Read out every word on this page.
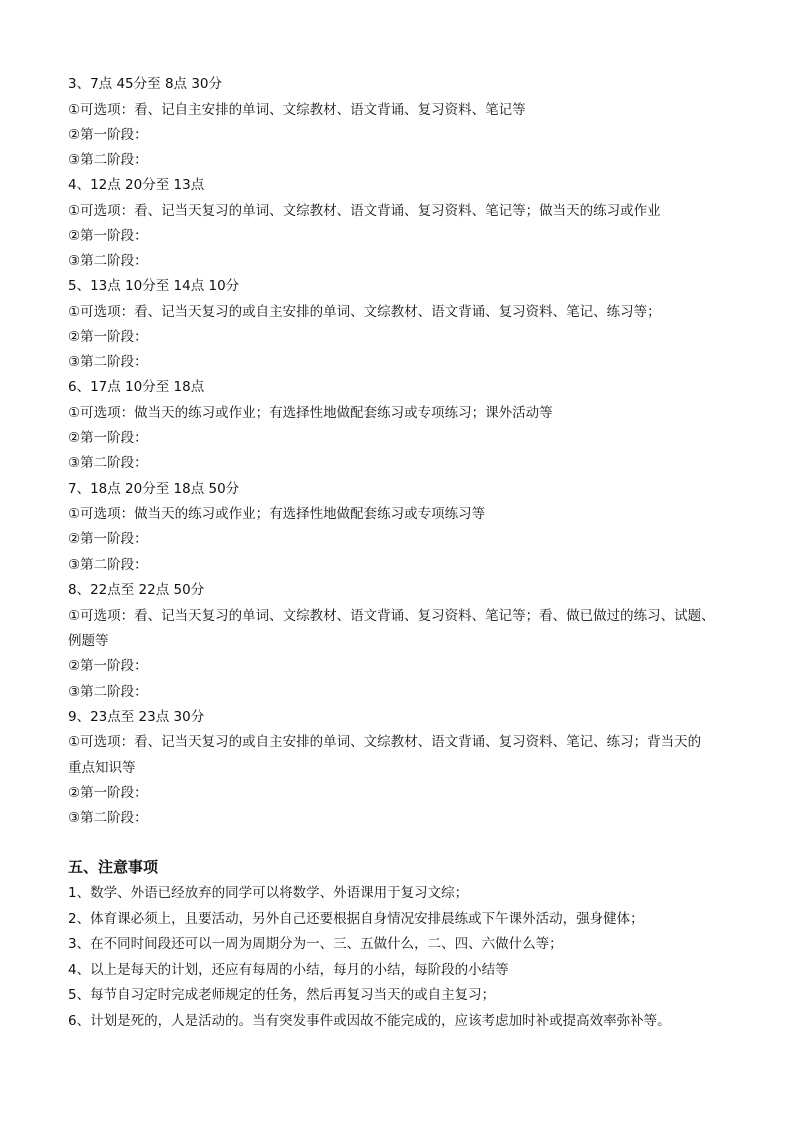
3、7点 45分至 8点 30分
①可选项：看、记自主安排的单词、文综教材、语文背诵、复习资料、笔记等
②第一阶段：
③第二阶段：
4、12点 20分至 13点
①可选项：看、记当天复习的单词、文综教材、语文背诵、复习资料、笔记等；做当天的练习或作业
②第一阶段：
③第二阶段：
5、13点 10分至 14点 10分
①可选项：看、记当天复习的或自主安排的单词、文综教材、语文背诵、复习资料、笔记、练习等；
②第一阶段：
③第二阶段：
6、17点 10分至 18点
①可选项：做当天的练习或作业；有选择性地做配套练习或专项练习；课外活动等
②第一阶段：
③第二阶段：
7、18点 20分至 18点 50分
①可选项：做当天的练习或作业；有选择性地做配套练习或专项练习等
②第一阶段：
③第二阶段：
8、22点至 22点 50分
①可选项：看、记当天复习的单词、文综教材、语文背诵、复习资料、笔记等；看、做已做过的练习、试题、
例题等
②第一阶段：
③第二阶段：
9、23点至 23点 30分
①可选项：看、记当天复习的或自主安排的单词、文综教材、语文背诵、复习资料、笔记、练习；背当天的
重点知识等
②第一阶段：
③第二阶段：
五、注意事项
1、数学、外语已经放弃的同学可以将数学、外语课用于复习文综；
2、体育课必须上，且要活动，另外自己还要根据自身情况安排晨练或下午课外活动，强身健体；
3、在不同时间段还可以一周为周期分为一、三、五做什么，二、四、六做什么等；
4、以上是每天的计划，还应有每周的小结，每月的小结，每阶段的小结等
5、每节自习定时完成老师规定的任务，然后再复习当天的或自主复习；
6、计划是死的，人是活动的。当有突发事件或因故不能完成的，应该考虑加时补或提高效率弥补等。
